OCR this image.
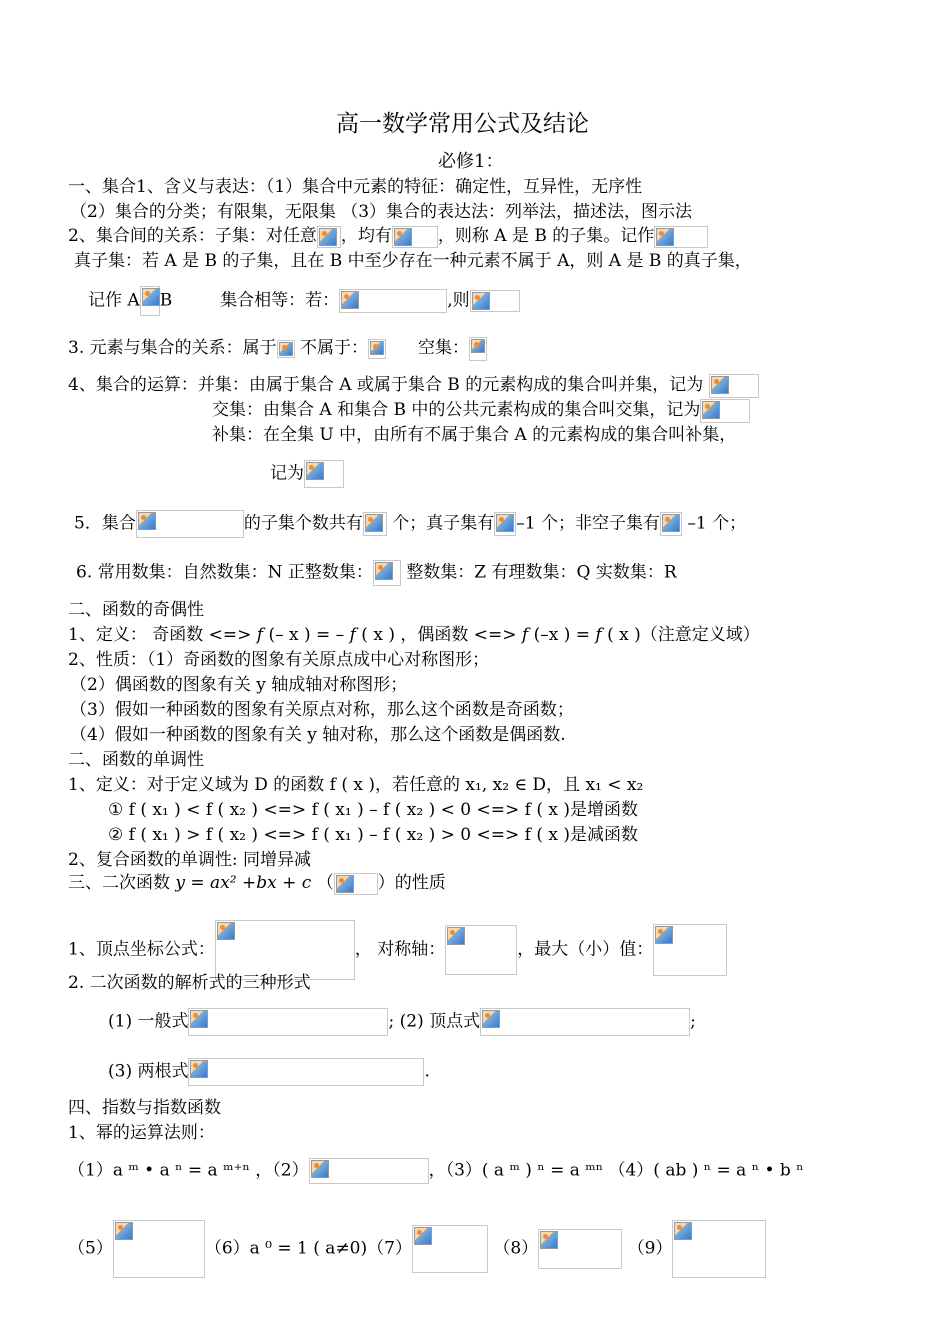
高一数学常用公式及结论
必修1：
一、集合1、含义与表达：（1）集合中元素的特征：确定性，互异性，无序性
（2）集合的分类；有限集，无限集 （3）集合的表达法：列举法，描述法，图示法
2、集合间的关系：子集：对任意 ，均有	，则称 A 是 B 的子集。记作
真子集：若 A 是 B 的子集，且在 B 中至少存在一种元素不属于 A，则 A 是 B 的真子集，
记作 A B	集合相等：若：	,则
3. 元素与集合的关系：属于 不属于：	空集：
4、集合的运算：并集：由属于集合 A 或属于集合 B 的元素构成的集合叫并集，记为
交集：由集合 A 和集合 B 中的公共元素构成的集合叫交集，记为
补集：在全集 U 中，由所有不属于集合 A 的元素构成的集合叫补集，
记为
5．集合	的子集个数共有 个；真子集有 –1 个；非空子集有 –1 个；
6. 常用数集：自然数集：N 正整数集： 整数集：Z 有理数集：Q 实数集：R
二、函数的奇偶性
1、定义： 奇函数 <=> f (– x ) = – f ( x ) ，偶函数 <=> f (–x ) = f ( x )（注意定义域）
2、性质：（1）奇函数的图象有关原点成中心对称图形；
（2）偶函数的图象有关 y 轴成轴对称图形；
（3）假如一种函数的图象有关原点对称，那么这个函数是奇函数；
（4）假如一种函数的图象有关 y 轴对称，那么这个函数是偶函数.
二、函数的单调性
1、定义：对于定义域为 D 的函数 f ( x )，若任意的 x₁, x₂ ∈ D，且 x₁ < x₂
① f ( x₁ ) < f ( x₂ ) <=> f ( x₁ ) – f ( x₂ ) < 0 <=> f ( x )是增函数
② f ( x₁ ) > f ( x₂ ) <=> f ( x₁ ) – f ( x₂ ) > 0 <=> f ( x )是减函数
2、复合函数的单调性: 同增异减
三、二次函数 y = ax² +bx + c （	）的性质
1、顶点坐标公式：	， 对称轴：	，最大（小）值：
2. 二次函数的解析式的三种形式
(1) 一般式	; (2) 顶点式	;
(3) 两根式	.
四、指数与指数函数
1、幂的运算法则：
（1）a ᵐ • a ⁿ = a ᵐ⁺ⁿ ，（2）	，（3）( a ᵐ ) ⁿ = a ᵐⁿ （4）( ab ) ⁿ = a ⁿ • b ⁿ
（5）	（6）a ⁰ = 1 ( a≠0)（7）	（8）	（9）
